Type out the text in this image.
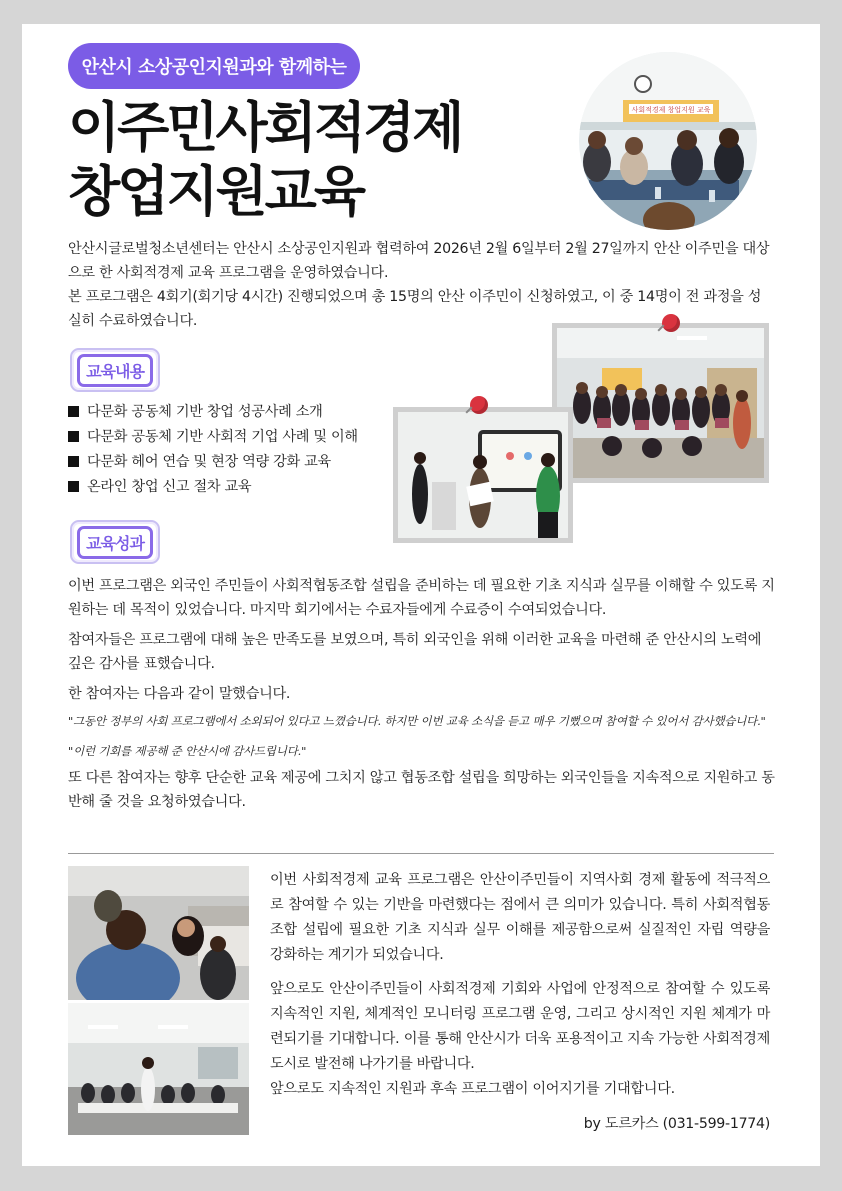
안산시 소상공인지원과와 함께하는
이주민사회적경제
창업지원교육
사회적경제 창업지원 교육

안산시글로벌청소년센터는 안산시 소상공인지원과 협력하여 2026년 2월 6일부터 2월 27일까지 안산 이주민을 대상으로 한 사회적경제 교육 프로그램을 운영하였습니다.

본 프로그램은 4회기(회기당 4시간) 진행되었으며 총 15명의 안산 이주민이 신청하였고, 이 중 14명이 전 과정을 성실히 수료하였습니다.

교육내용
다문화 공동체 기반 창업 성공사례 소개
다문화 공동체 기반 사회적 기업 사례 및 이해
다문화 헤어 연습 및 현장 역량 강화 교육
온라인 창업 신고 절차 교육
교육성과

이번 프로그램은 외국인 주민들이 사회적협동조합 설립을 준비하는 데 필요한 기초 지식과 실무를 이해할 수 있도록 지원하는 데 목적이 있었습니다. 마지막 회기에서는 수료자들에게 수료증이 수여되었습니다.

참여자들은 프로그램에 대해 높은 만족도를 보였으며, 특히 외국인을 위해 이러한 교육을 마련해 준 안산시의 노력에 깊은 감사를 표했습니다.

한 참여자는 다음과 같이 말했습니다.

"그동안 정부의 사회 프로그램에서 소외되어 있다고 느꼈습니다. 하지만 이번 교육 소식을 듣고 매우 기뻤으며 참여할 수 있어서 감사했습니다."

"이런 기회를 제공해 준 안산시에 감사드립니다."

또 다른 참여자는 향후 단순한 교육 제공에 그치지 않고 협동조합 설립을 희망하는 외국인들을 지속적으로 지원하고 동반해 줄 것을 요청하였습니다.

이번 사회적경제 교육 프로그램은 안산이주민들이 지역사회 경제 활동에 적극적으로 참여할 수 있는 기반을 마련했다는 점에서 큰 의미가 있습니다. 특히 사회적협동조합 설립에 필요한 기초 지식과 실무 이해를 제공함으로써 실질적인 자립 역량을 강화하는 계기가 되었습니다.

앞으로도 안산이주민들이 사회적경제 기회와 사업에 안정적으로 참여할 수 있도록 지속적인 지원, 체계적인 모니터링 프로그램 운영, 그리고 상시적인 지원 체계가 마련되기를 기대합니다. 이를 통해 안산시가 더욱 포용적이고 지속 가능한 사회적경제 도시로 발전해 나가기를 바랍니다.

앞으로도 지속적인 지원과 후속 프로그램이 이어지기를 기대합니다.

by 도르카스 (031-599-1774)
